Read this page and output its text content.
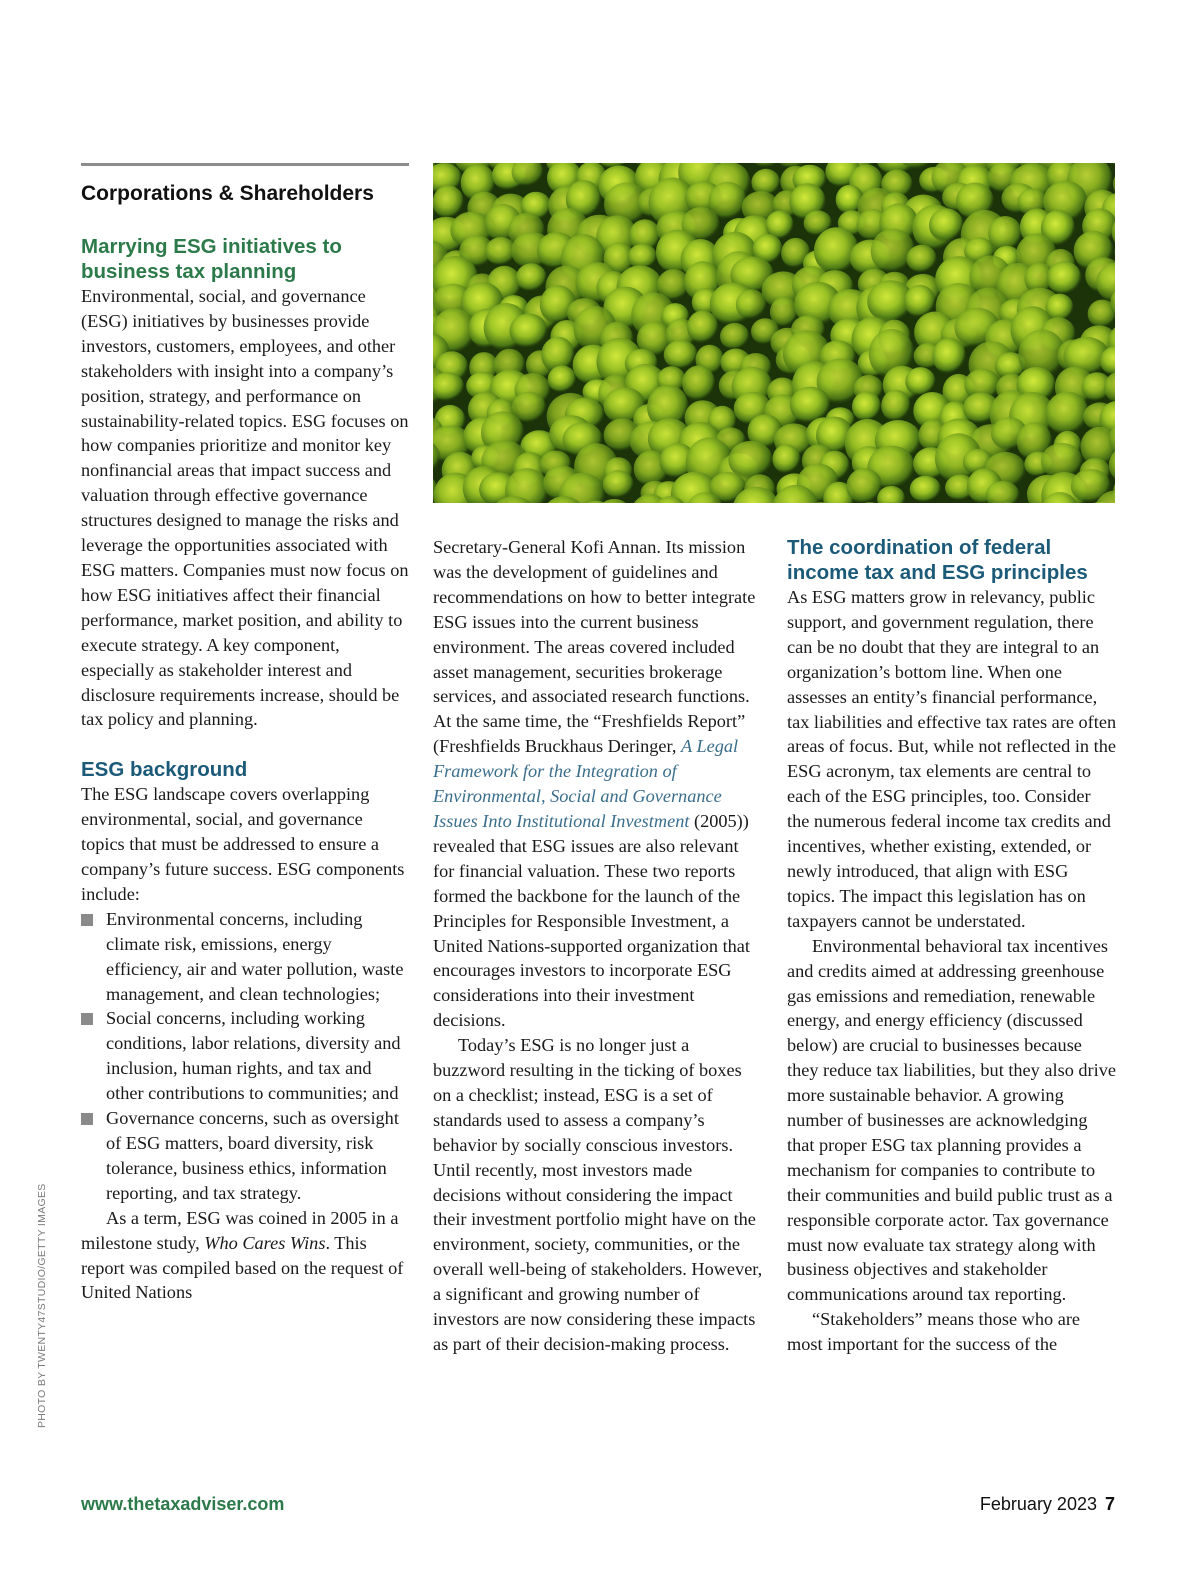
Corporations & Shareholders
Marrying ESG initiatives to business tax planning

Environmental, social, and governance (ESG) initiatives by businesses provide investors, customers, employees, and other stakeholders with insight into a company’s position, strategy, and performance on sustainability-related topics. ESG focuses on how companies prioritize and monitor key nonfinancial areas that impact success and valuation through effective governance structures designed to manage the risks and leverage the opportunities associated with ESG matters. Companies must now focus on how ESG initiatives affect their financial performance, market position, and ability to execute strategy. A key component, especially as stakeholder interest and disclosure requirements increase, should be tax policy and planning.

ESG background

The ESG landscape covers overlapping environmental, social, and governance topics that must be addressed to ensure a company’s future success. ESG components include:

Environmental concerns, including climate risk, emissions, energy efficiency, air and water pollution, waste management, and clean technologies;
Social concerns, including working conditions, labor relations, diversity and inclusion, human rights, and tax and other contributions to communities; and
Governance concerns, such as oversight of ESG matters, board diversity, risk tolerance, business ethics, information reporting, and tax strategy.

As a term, ESG was coined in 2005 in a milestone study, Who Cares Wins. This report was compiled based on the request of United Nations

Secretary-General Kofi Annan. Its mission was the development of guidelines and recommendations on how to better integrate ESG issues into the current business environment. The areas covered included asset management, securities brokerage services, and associated research functions. At the same time, the “Freshfields Report” (Freshfields Bruckhaus Deringer, A Legal Framework for the Integration of Environmental, Social and Governance Issues Into Institutional Investment (2005)) revealed that ESG issues are also relevant for financial valuation. These two reports formed the backbone for the launch of the Principles for Responsible Investment, a United Nations-supported organization that encourages investors to incorporate ESG considerations into their investment decisions.

Today’s ESG is no longer just a buzzword resulting in the ticking of boxes on a checklist; instead, ESG is a set of standards used to assess a company’s behavior by socially conscious investors. Until recently, most investors made decisions without considering the impact their investment portfolio might have on the environment, society, communities, or the overall well-being of stakeholders. However, a significant and growing number of investors are now considering these impacts as part of their decision-making process.

The coordination of federal income tax and ESG principles

As ESG matters grow in relevancy, public support, and government regulation, there can be no doubt that they are integral to an organization’s bottom line. When one assesses an entity’s financial performance, tax liabilities and effective tax rates are often areas of focus. But, while not reflected in the ESG acronym, tax elements are central to each of the ESG principles, too. Consider the numerous federal income tax credits and incentives, whether existing, extended, or newly introduced, that align with ESG topics. The impact this legislation has on taxpayers cannot be understated.

Environmental behavioral tax incentives and credits aimed at addressing greenhouse gas emissions and remediation, renewable energy, and energy efficiency (discussed below) are crucial to businesses because they reduce tax liabilities, but they also drive more sustainable behavior. A growing number of businesses are acknowledging that proper ESG tax planning provides a mechanism for companies to contribute to their communities and build public trust as a responsible corporate actor. Tax governance must now evaluate tax strategy along with business objectives and stakeholder communications around tax reporting.

“Stakeholders” means those who are most important for the success of the

PHOTO BY TWENTY47STUDIO/GETTY IMAGES
www.thetaxadviser.com	February 2023 7
